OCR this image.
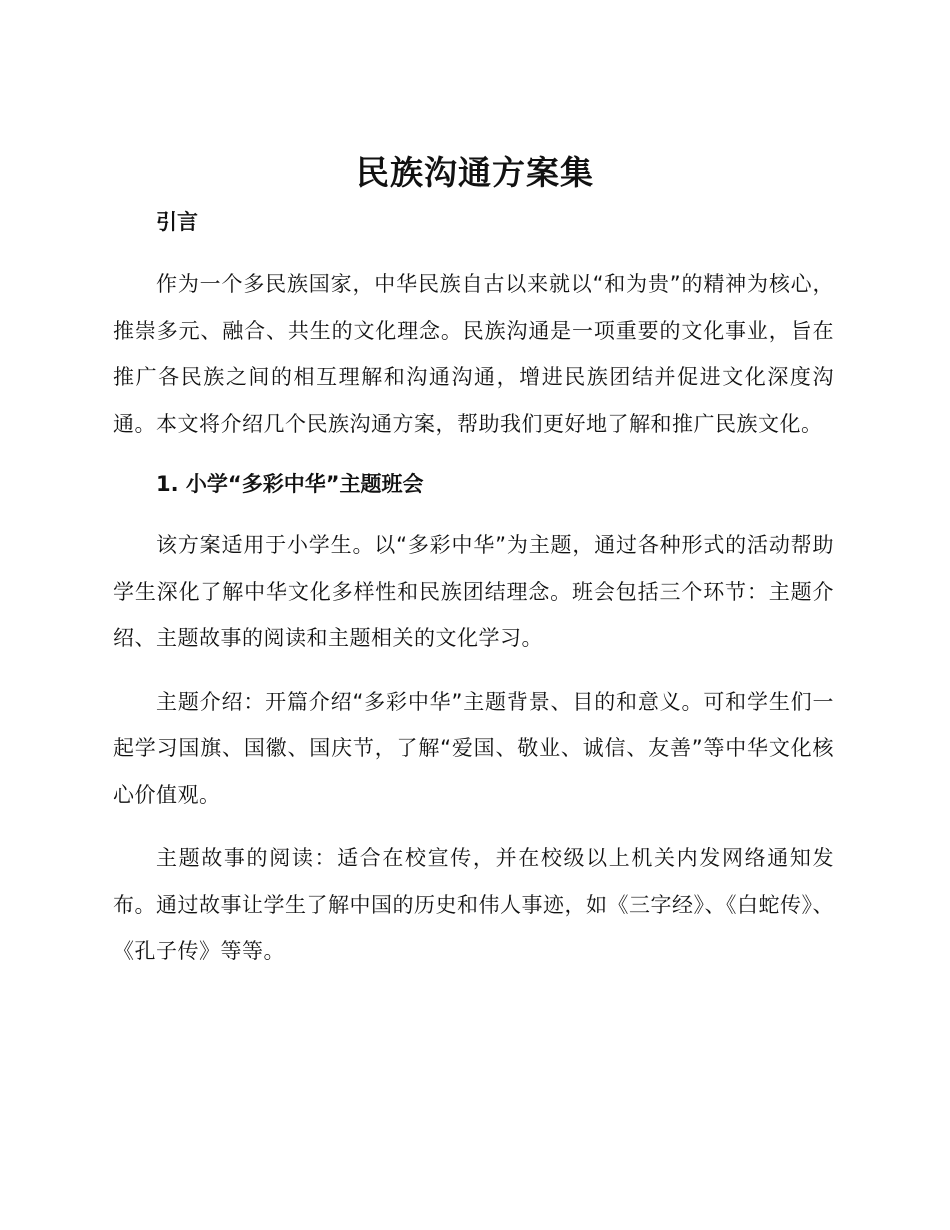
民族沟通方案集

引言

作为一个多民族国家，中华民族自古以来就以“和为贵”的精神为核心，推崇多元、融合、共生的文化理念。民族沟通是一项重要的文化事业，旨在推广各民族之间的相互理解和沟通沟通，增进民族团结并促进文化深度沟通。本文将介绍几个民族沟通方案，帮助我们更好地了解和推广民族文化。

1. 小学“多彩中华”主题班会

该方案适用于小学生。以“多彩中华”为主题，通过各种形式的活动帮助学生深化了解中华文化多样性和民族团结理念。班会包括三个环节：主题介绍、主题故事的阅读和主题相关的文化学习。

主题介绍：开篇介绍“多彩中华”主题背景、目的和意义。可和学生们一起学习国旗、国徽、国庆节，了解“爱国、敬业、诚信、友善”等中华文化核心价值观。

主题故事的阅读：适合在校宣传，并在校级以上机关内发网络通知发布。通过故事让学生了解中国的历史和伟人事迹，如《三字经》、《白蛇传》、《孔子传》等等。
